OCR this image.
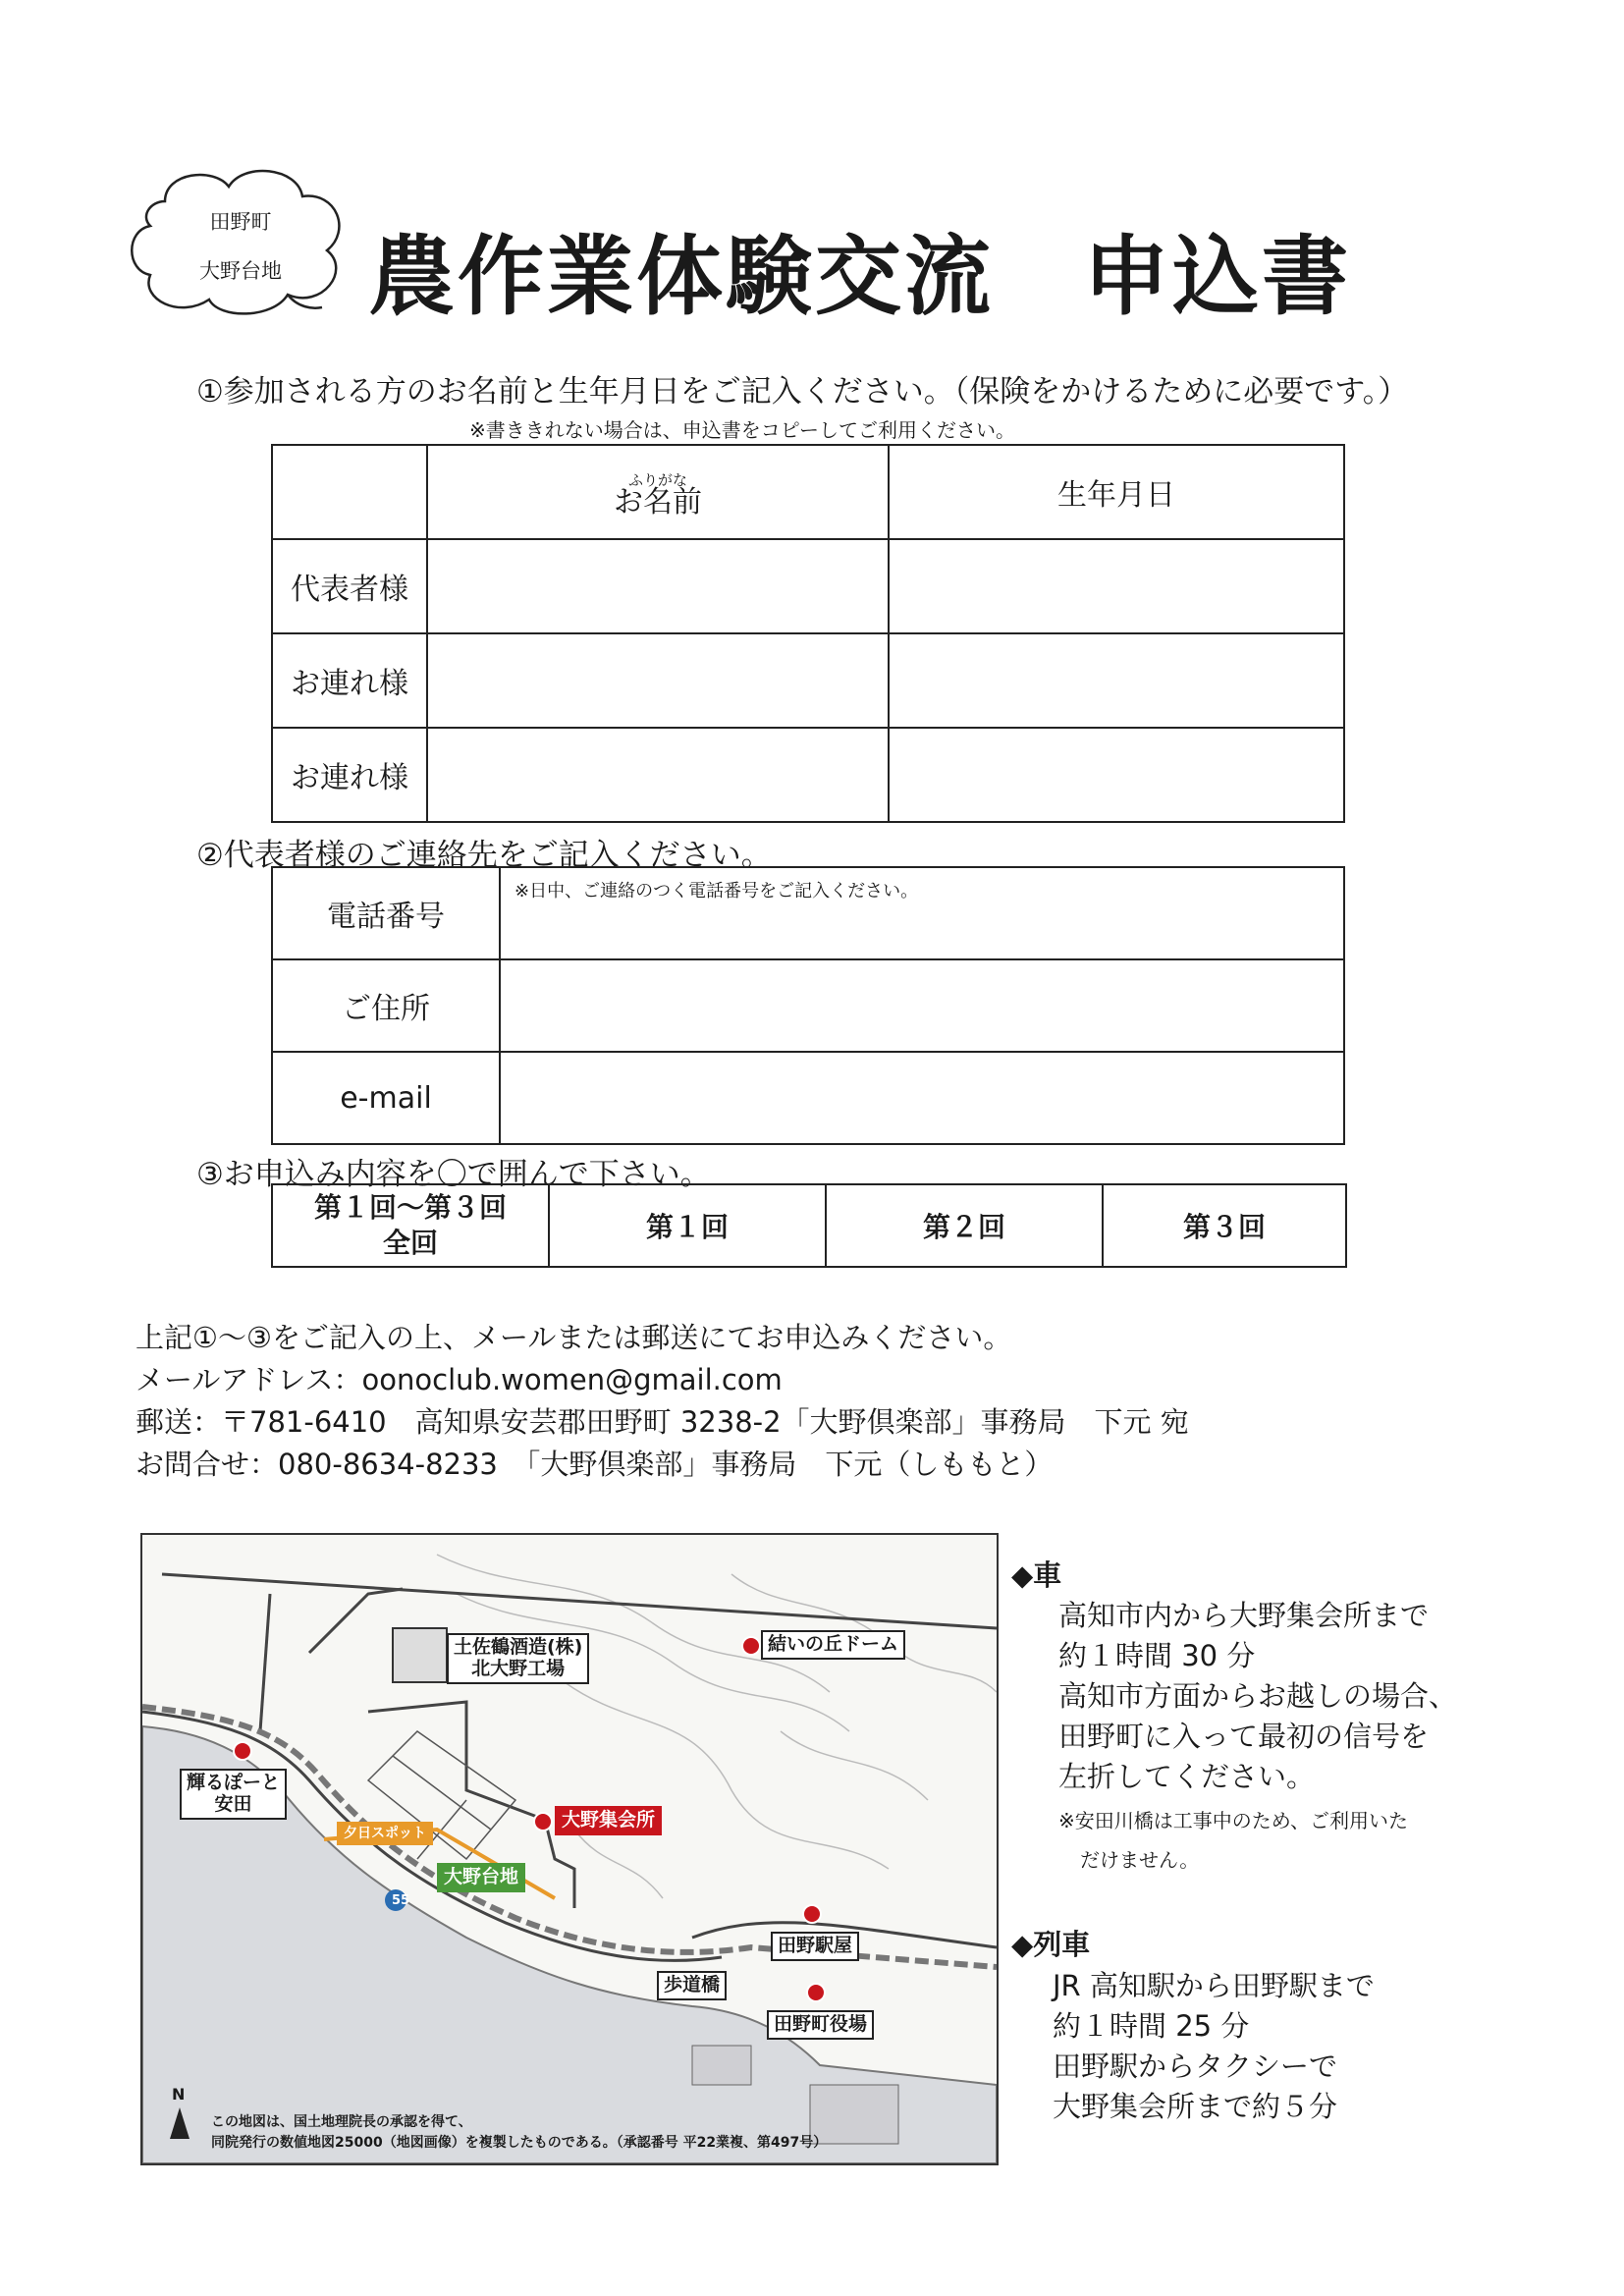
田野町
大野台地 農作業体験交流　申込書
①参加される方のお名前と生年月日をご記入ください。（保険をかけるために必要です。）
※書ききれない場合は、申込書をコピーしてご利用ください。

	ふりがな
お名前	生年月日
代表者様		
お連れ様		
お連れ様		
②代表者様のご連絡先をご記入ください。
電話番号	※日中、ご連絡のつく電話番号をご記入ください。

ご住所	
e-mail	
③お申込み内容を〇で囲んで下さい。
第１回～第３回
全回	第１回	第２回	第３回
上記①～③をご記入の上、メールまたは郵送にてお申込みください。
メールアドレス：oonoclub.women@gmail.com
郵送：〒781-6410　高知県安芸郡田野町 3238-2「大野倶楽部」事務局　下元 宛
お問合せ：080-8634-8233　「大野倶楽部」事務局　下元（しももと）
55
N
土佐鶴酒造(株)
北大野工場
結いの丘ドーム
大野集会所
夕日スポット
大野台地
輝るぽーと
安田
田野駅屋
歩道橋
田野町役場
この地図は、国土地理院長の承認を得て、
同院発行の数値地図25000（地図画像）を複製したものである。（承認番号 平22業複、第497号）
◆車
高知市内から大野集会所まで
約１時間 30 分
高知市方面からお越しの場合、
田野町に入って最初の信号を
左折してください。
※安田川橋は工事中のため、ご利用いた
だけません。
◆列車
JR 高知駅から田野駅まで
約１時間 25 分
田野駅からタクシーで
大野集会所まで約５分
